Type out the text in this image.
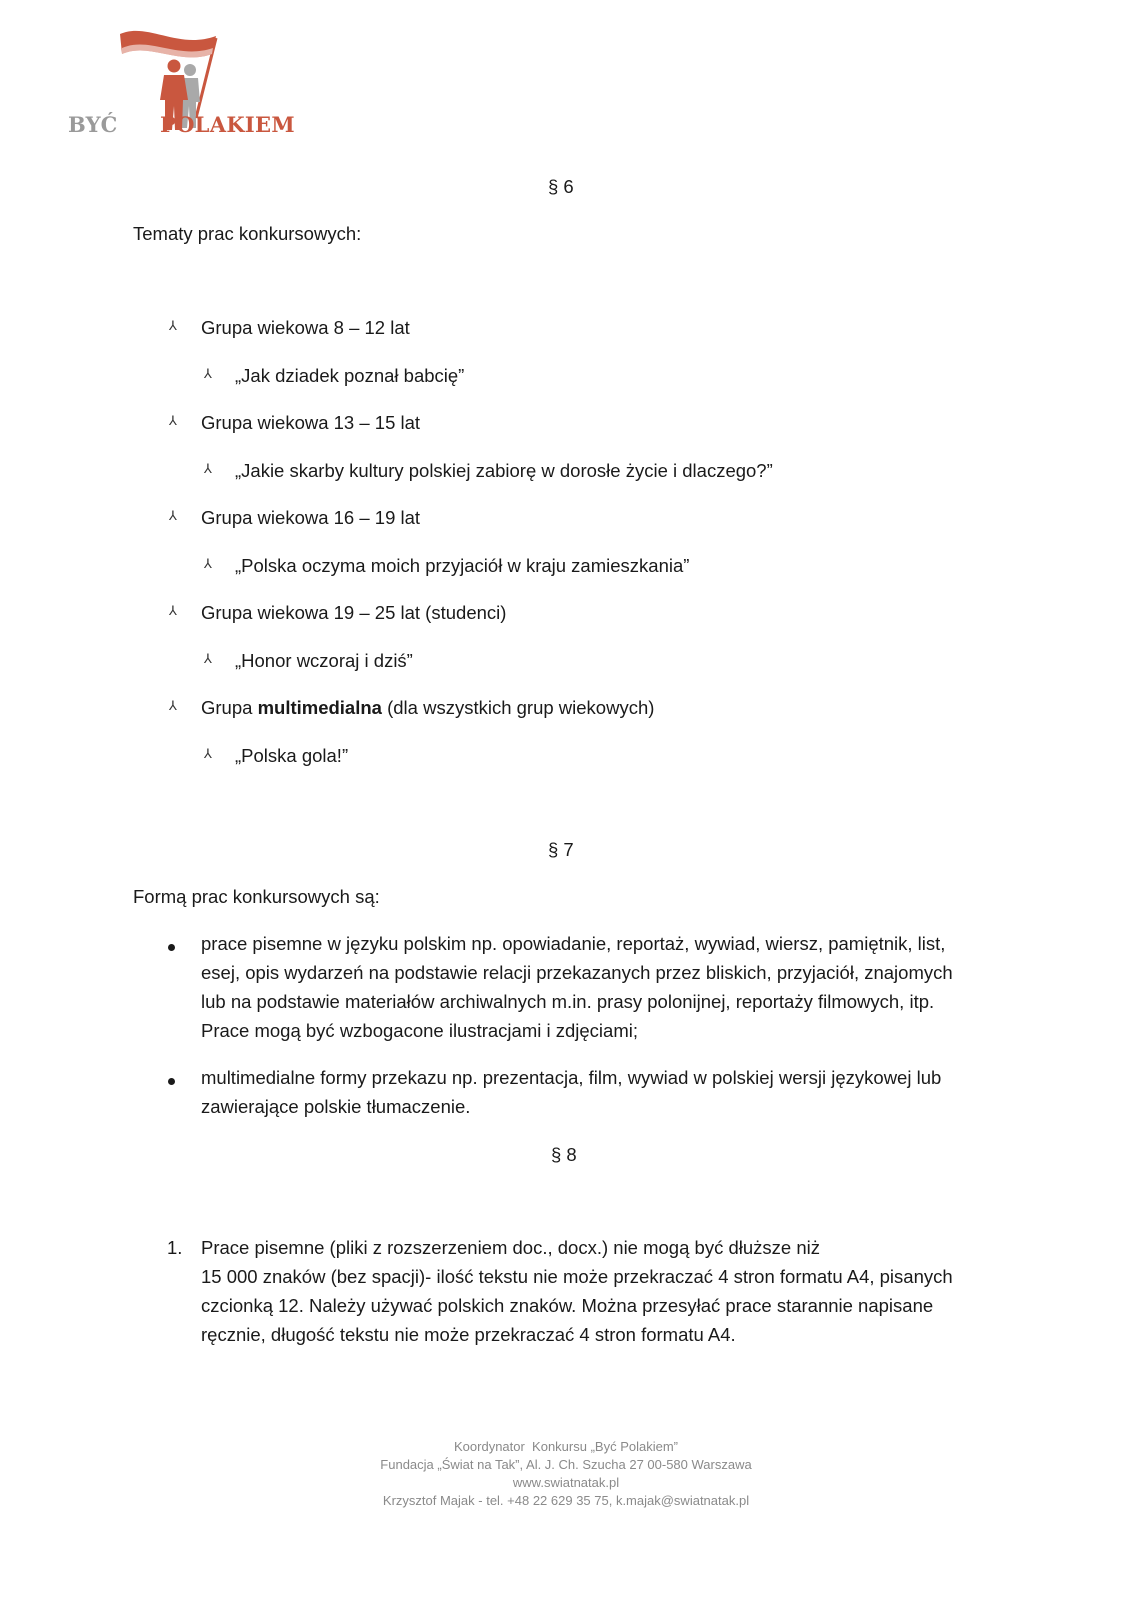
BYĆ POLAKIEM
§ 6
Tematy prac konkursowych:
⅄ Grupa wiekowa 8 – 12 lat
⅄ „Jak dziadek poznał babcię”
⅄ Grupa wiekowa 13 – 15 lat
⅄ „Jakie skarby kultury polskiej zabiorę w dorosłe życie i dlaczego?”
⅄ Grupa wiekowa 16 – 19 lat
⅄ „Polska oczyma moich przyjaciół w kraju zamieszkania”
⅄ Grupa wiekowa 19 – 25 lat (studenci)
⅄ „Honor wczoraj i dziś”
⅄ Grupa multimedialna (dla wszystkich grup wiekowych)
⅄ „Polska gola!”
§ 7
Formą prac konkursowych są:
prace pisemne w języku polskim np. opowiadanie, reportaż, wywiad, wiersz, pamiętnik, list,
esej, opis wydarzeń na podstawie relacji przekazanych przez bliskich, przyjaciół, znajomych
lub na podstawie materiałów archiwalnych m.in. prasy polonijnej, reportaży filmowych, itp.
Prace mogą być wzbogacone ilustracjami i zdjęciami;
multimedialne formy przekazu np. prezentacja, film, wywiad w polskiej wersji językowej lub
zawierające polskie tłumaczenie.
§ 8
1. Prace pisemne (pliki z rozszerzeniem doc., docx.) nie mogą być dłuższe niż
15 000 znaków (bez spacji)- ilość tekstu nie może przekraczać 4 stron formatu A4, pisanych
czcionką 12. Należy używać polskich znaków. Można przesyłać prace starannie napisane
ręcznie, długość tekstu nie może przekraczać 4 stron formatu A4.
Koordynator  Konkursu „Być Polakiem”
Fundacja „Świat na Tak”, Al. J. Ch. Szucha 27 00-580 Warszawa
www.swiatnatak.pl
Krzysztof Majak - tel. +48 22 629 35 75, k.majak@swiatnatak.pl
